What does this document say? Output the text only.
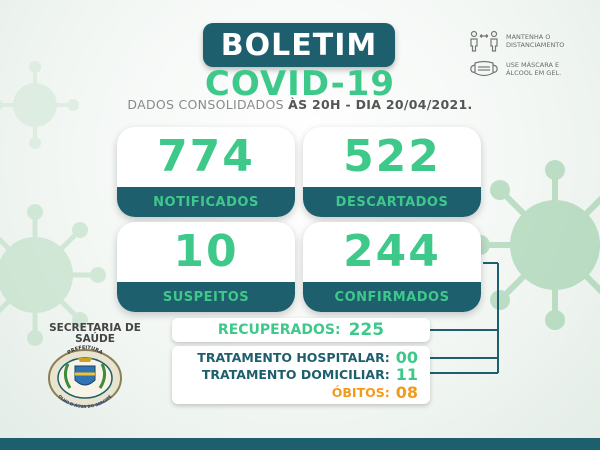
BOLETIM
COVID-19
DADOS CONSOLIDADOS ÀS 20H - DIA 20/04/2021.
MANTENHA O DISTANCIAMENTO
USE MÁSCARA E ÁLCOOL EM GEL.
774
NOTIFICADOS
522
DESCARTADOS
10
SUSPEITOS
244
CONFIRMADOS
RECUPERADOS: 225
TRATAMENTO HOSPITALAR: 00
TRATAMENTO DOMICILIAR: 11
ÓBITOS: 08
SECRETARIA DE SAÚDE
PREFEITURA
OLHO D'ÁGUA DO SERGIPE
